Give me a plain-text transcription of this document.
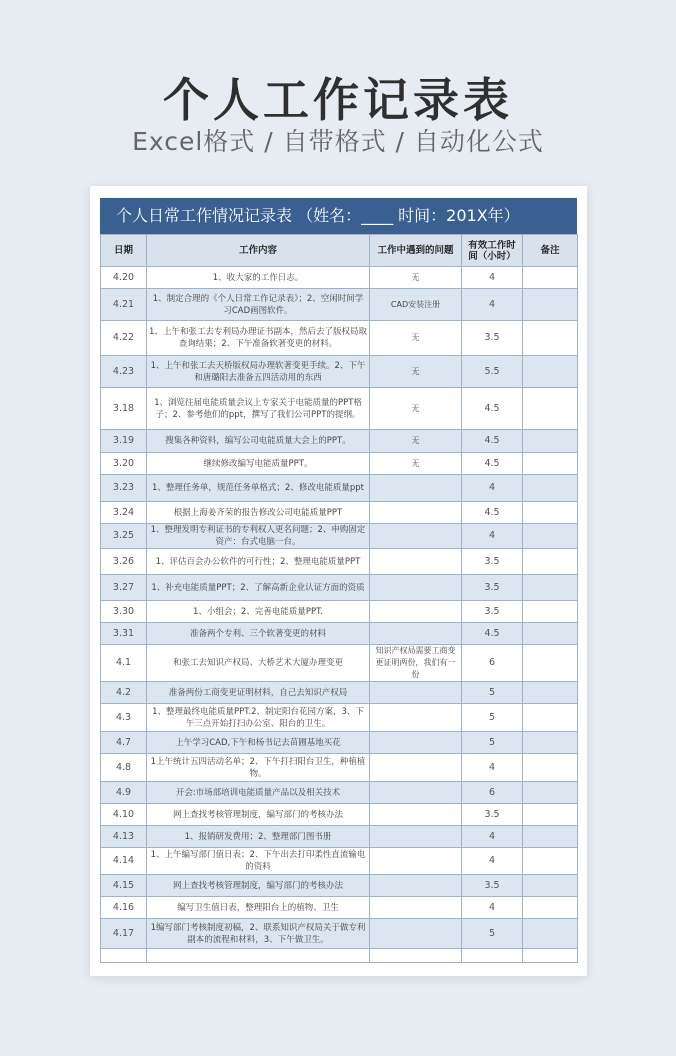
个人工作记录表
Excel格式 / 自带格式 / 自动化公式
个人日常工作情况记录表 （姓名：____ 时间：201X年）
日期	工作内容	工作中遇到的问题	有效工作时间（小时）	备注
4.20	1、收大家的工作日志。	无	4	
4.21	1、制定合理的《个人日常工作记录表》；2、空闲时间学习CAD画图软件。	CAD安装注册	4	
4.22	1、上午和张工去专利局办理证书副本，然后去了版权局取查询结果；2、下午准备软著变更的材料。	无	3.5	
4.23	1、上午和张工去天桥版权局办理软著变更手续。2、下午和唐璐阳去准备五四活动用的东西	无	5.5	
3.18	1、浏览往届电能质量会议上专家关于电能质量的PPT格子；2、参考他们的ppt，撰写了我们公司PPT的提纲。	无	4.5	
3.19	搜集各种资料，编写公司电能质量大会上的PPT。	无	4.5	
3.20	继续修改编写电能质量PPT。	无	4.5	
3.23	1、整理任务单，规范任务单格式；2、修改电能质量ppt		4	
3.24	根据上海姜齐荣的报告修改公司电能质量PPT		4.5	
3.25	1、整理发明专利证书的专利权人更名问题；2、申购固定资产：台式电脑一台。		4	
3.26	1、评估百会办公软件的可行性；2、整理电能质量PPT		3.5	
3.27	1、补充电能质量PPT；2、了解高新企业认证方面的资质		3.5	
3.30	1、小组会；2、完善电能质量PPT.		3.5	
3.31	准备两个专利、三个软著变更的材料		4.5	
4.1	和张工去知识产权局、大桥艺术大厦办理变更	知识产权局需要工商变更证明两份，我们有一份	6	
4.2	准备两份工商变更证明材料，自己去知识产权局		5	
4.3	1、整理最终电能质量PPT.2、制定阳台花园方案，3、下午三点开始打扫办公室、阳台的卫生。		5	
4.7	上午学习CAD,下午和杨书记去苗圃基地买花		5	
4.8	1上午统计五四活动名单；2、下午打扫阳台卫生，种植植物。		4	
4.9	开会:市场部培训电能质量产品以及相关技术		6	
4.10	网上查找考核管理制度，编写部门的考核办法		3.5	
4.13	1、报销研发费用；2、整理部门图书册		4	
4.14	1、上午编写部门值日表；2、下午出去打印柔性直流输电的资料		4	
4.15	网上查找考核管理制度，编写部门的考核办法		3.5	
4.16	编写卫生值日表，整理阳台上的植物、卫生		4	
4.17	1编写部门考核制度初稿，2、联系知识产权局关于做专利副本的流程和材料，3、下午做卫生。		5	
